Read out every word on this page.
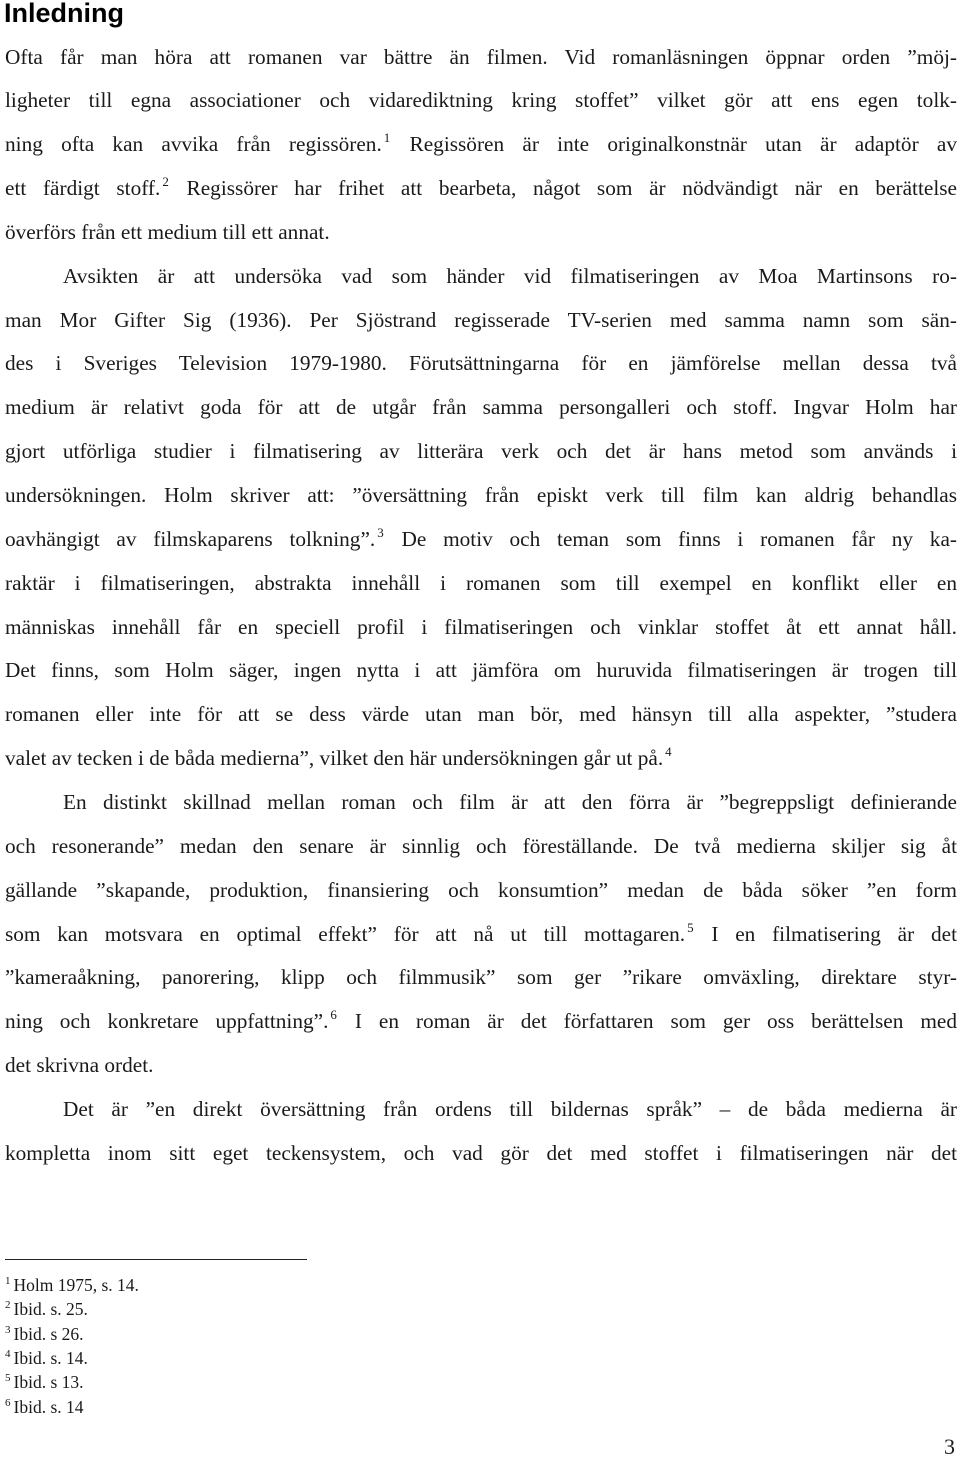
Inledning

Ofta får man höra att romanen var bättre än filmen. Vid romanläsningen öppnar orden ”möj-

ligheter till egna associationer och vidarediktning kring stoffet” vilket gör att ens egen tolk-

ning ofta kan avvika från regissören. $^1$ Regissören är inte originalkonstnär utan är adaptör av

ett färdigt stoff. $^2$ Regissörer har frihet att bearbeta, något som är nödvändigt när en berättelse

överförs från ett medium till ett annat.

Avsikten är att undersöka vad som händer vid filmatiseringen av Moa Martinsons ro-

man Mor Gifter Sig (1936). Per Sjöstrand regisserade TV-serien med samma namn som sän-

des i Sveriges Television 1979-1980. Förutsättningarna för en jämförelse mellan dessa två

medium är relativt goda för att de utgår från samma persongalleri och stoff. Ingvar Holm har

gjort utförliga studier i filmatisering av litterära verk och det är hans metod som används i

undersökningen. Holm skriver att: ”översättning från episkt verk till film kan aldrig behandlas

oavhängigt av filmskaparens tolkning”. $^3$ De motiv och teman som finns i romanen får ny ka-

raktär i filmatiseringen, abstrakta innehåll i romanen som till exempel en konflikt eller en

människas innehåll får en speciell profil i filmatiseringen och vinklar stoffet åt ett annat håll.

Det finns, som Holm säger, ingen nytta i att jämföra om huruvida filmatiseringen är trogen till

romanen eller inte för att se dess värde utan man bör, med hänsyn till alla aspekter, ”studera

valet av tecken i de båda medierna”, vilket den här undersökningen går ut på. $^4$

En distinkt skillnad mellan roman och film är att den förra är ”begreppsligt definierande

och resonerande” medan den senare är sinnlig och föreställande. De två medierna skiljer sig åt

gällande ”skapande, produktion, finansiering och konsumtion” medan de båda söker ”en form

som kan motsvara en optimal effekt” för att nå ut till mottagaren. $^5$ I en filmatisering är det

”kameraåkning, panorering, klipp och filmmusik” som ger ”rikare omväxling, direktare styr-

ning och konkretare uppfattning”. $^6$ I en roman är det författaren som ger oss berättelsen med

det skrivna ordet.

Det är ”en direkt översättning från ordens till bildernas språk” – de båda medierna är

kompletta inom sitt eget teckensystem, och vad gör det med stoffet i filmatiseringen när det

$^1$ Holm 1975, s. 14.
$^2$ Ibid. s. 25.
$^3$ Ibid. s 26.
$^4$ Ibid. s. 14.
$^5$ Ibid. s 13.
$^6$ Ibid. s. 14
3
